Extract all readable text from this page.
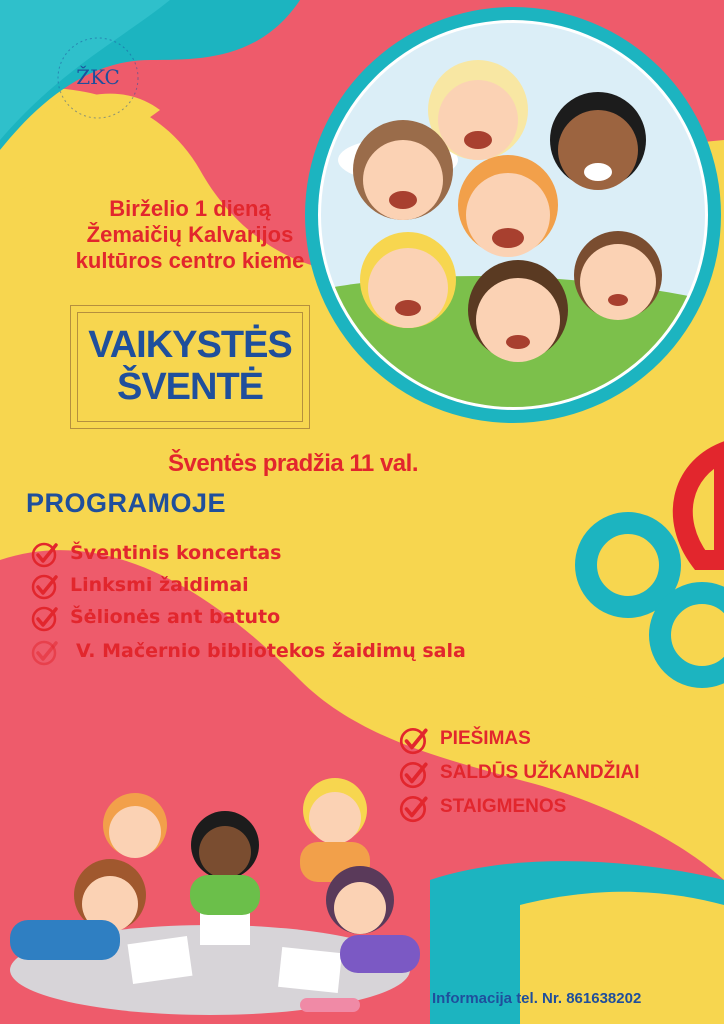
ŽKC
Birželio 1 dieną
Žemaičių Kalvarijos
kultūros centro kieme
VAIKYSTĖS
ŠVENTĖ
Šventės pradžia 11 val.
PROGRAMOJE
Šventinis koncertas
Linksmi žaidimai
Šėlionės ant batuto
V. Mačernio bibliotekos žaidimų sala
PIEŠIMAS
SALDŪS UŽKANDŽIAI
STAIGMENOS
Informacija tel. Nr. 861638202
